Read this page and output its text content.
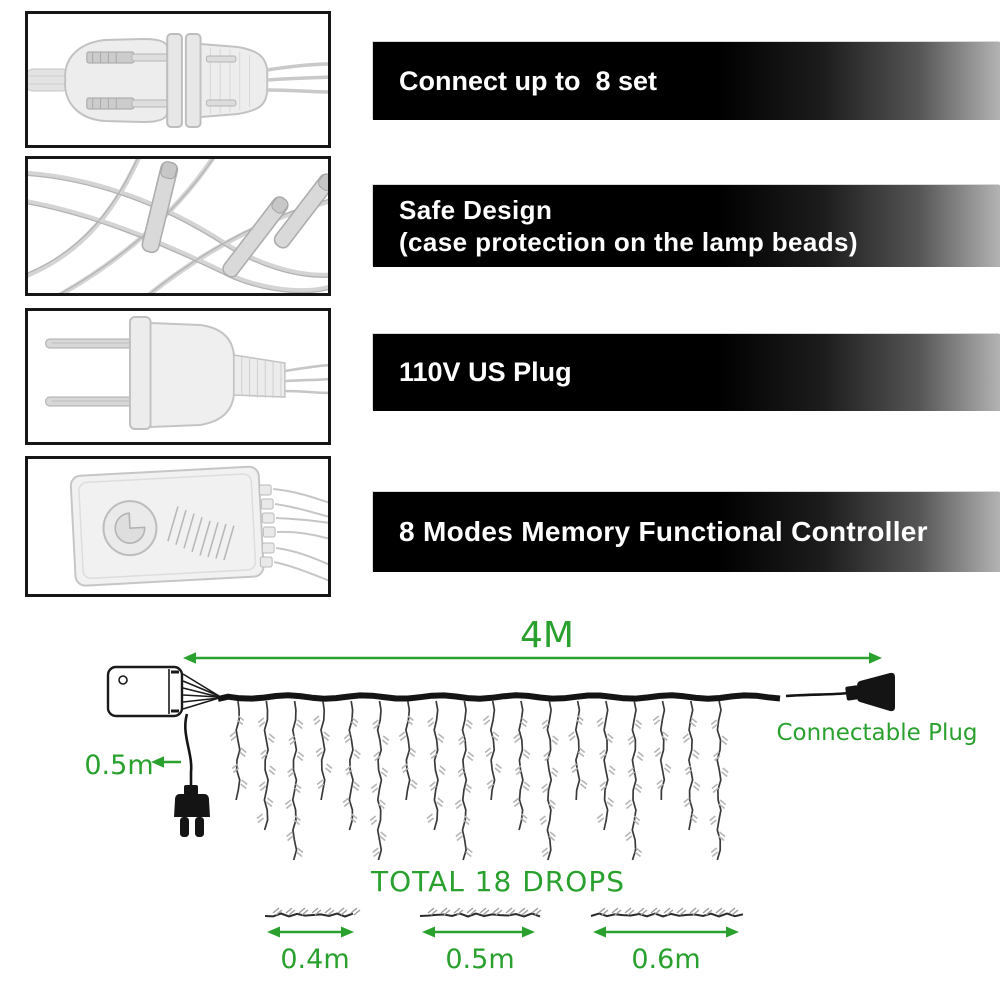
Connect up to  8 set
Safe Design
(case protection on the lamp beads)
110V US Plug
8 Modes Memory Functional Controller
4M
0.5m
Connectable Plug
TOTAL 18 DROPS
0.4m	0.5m	0.6m
